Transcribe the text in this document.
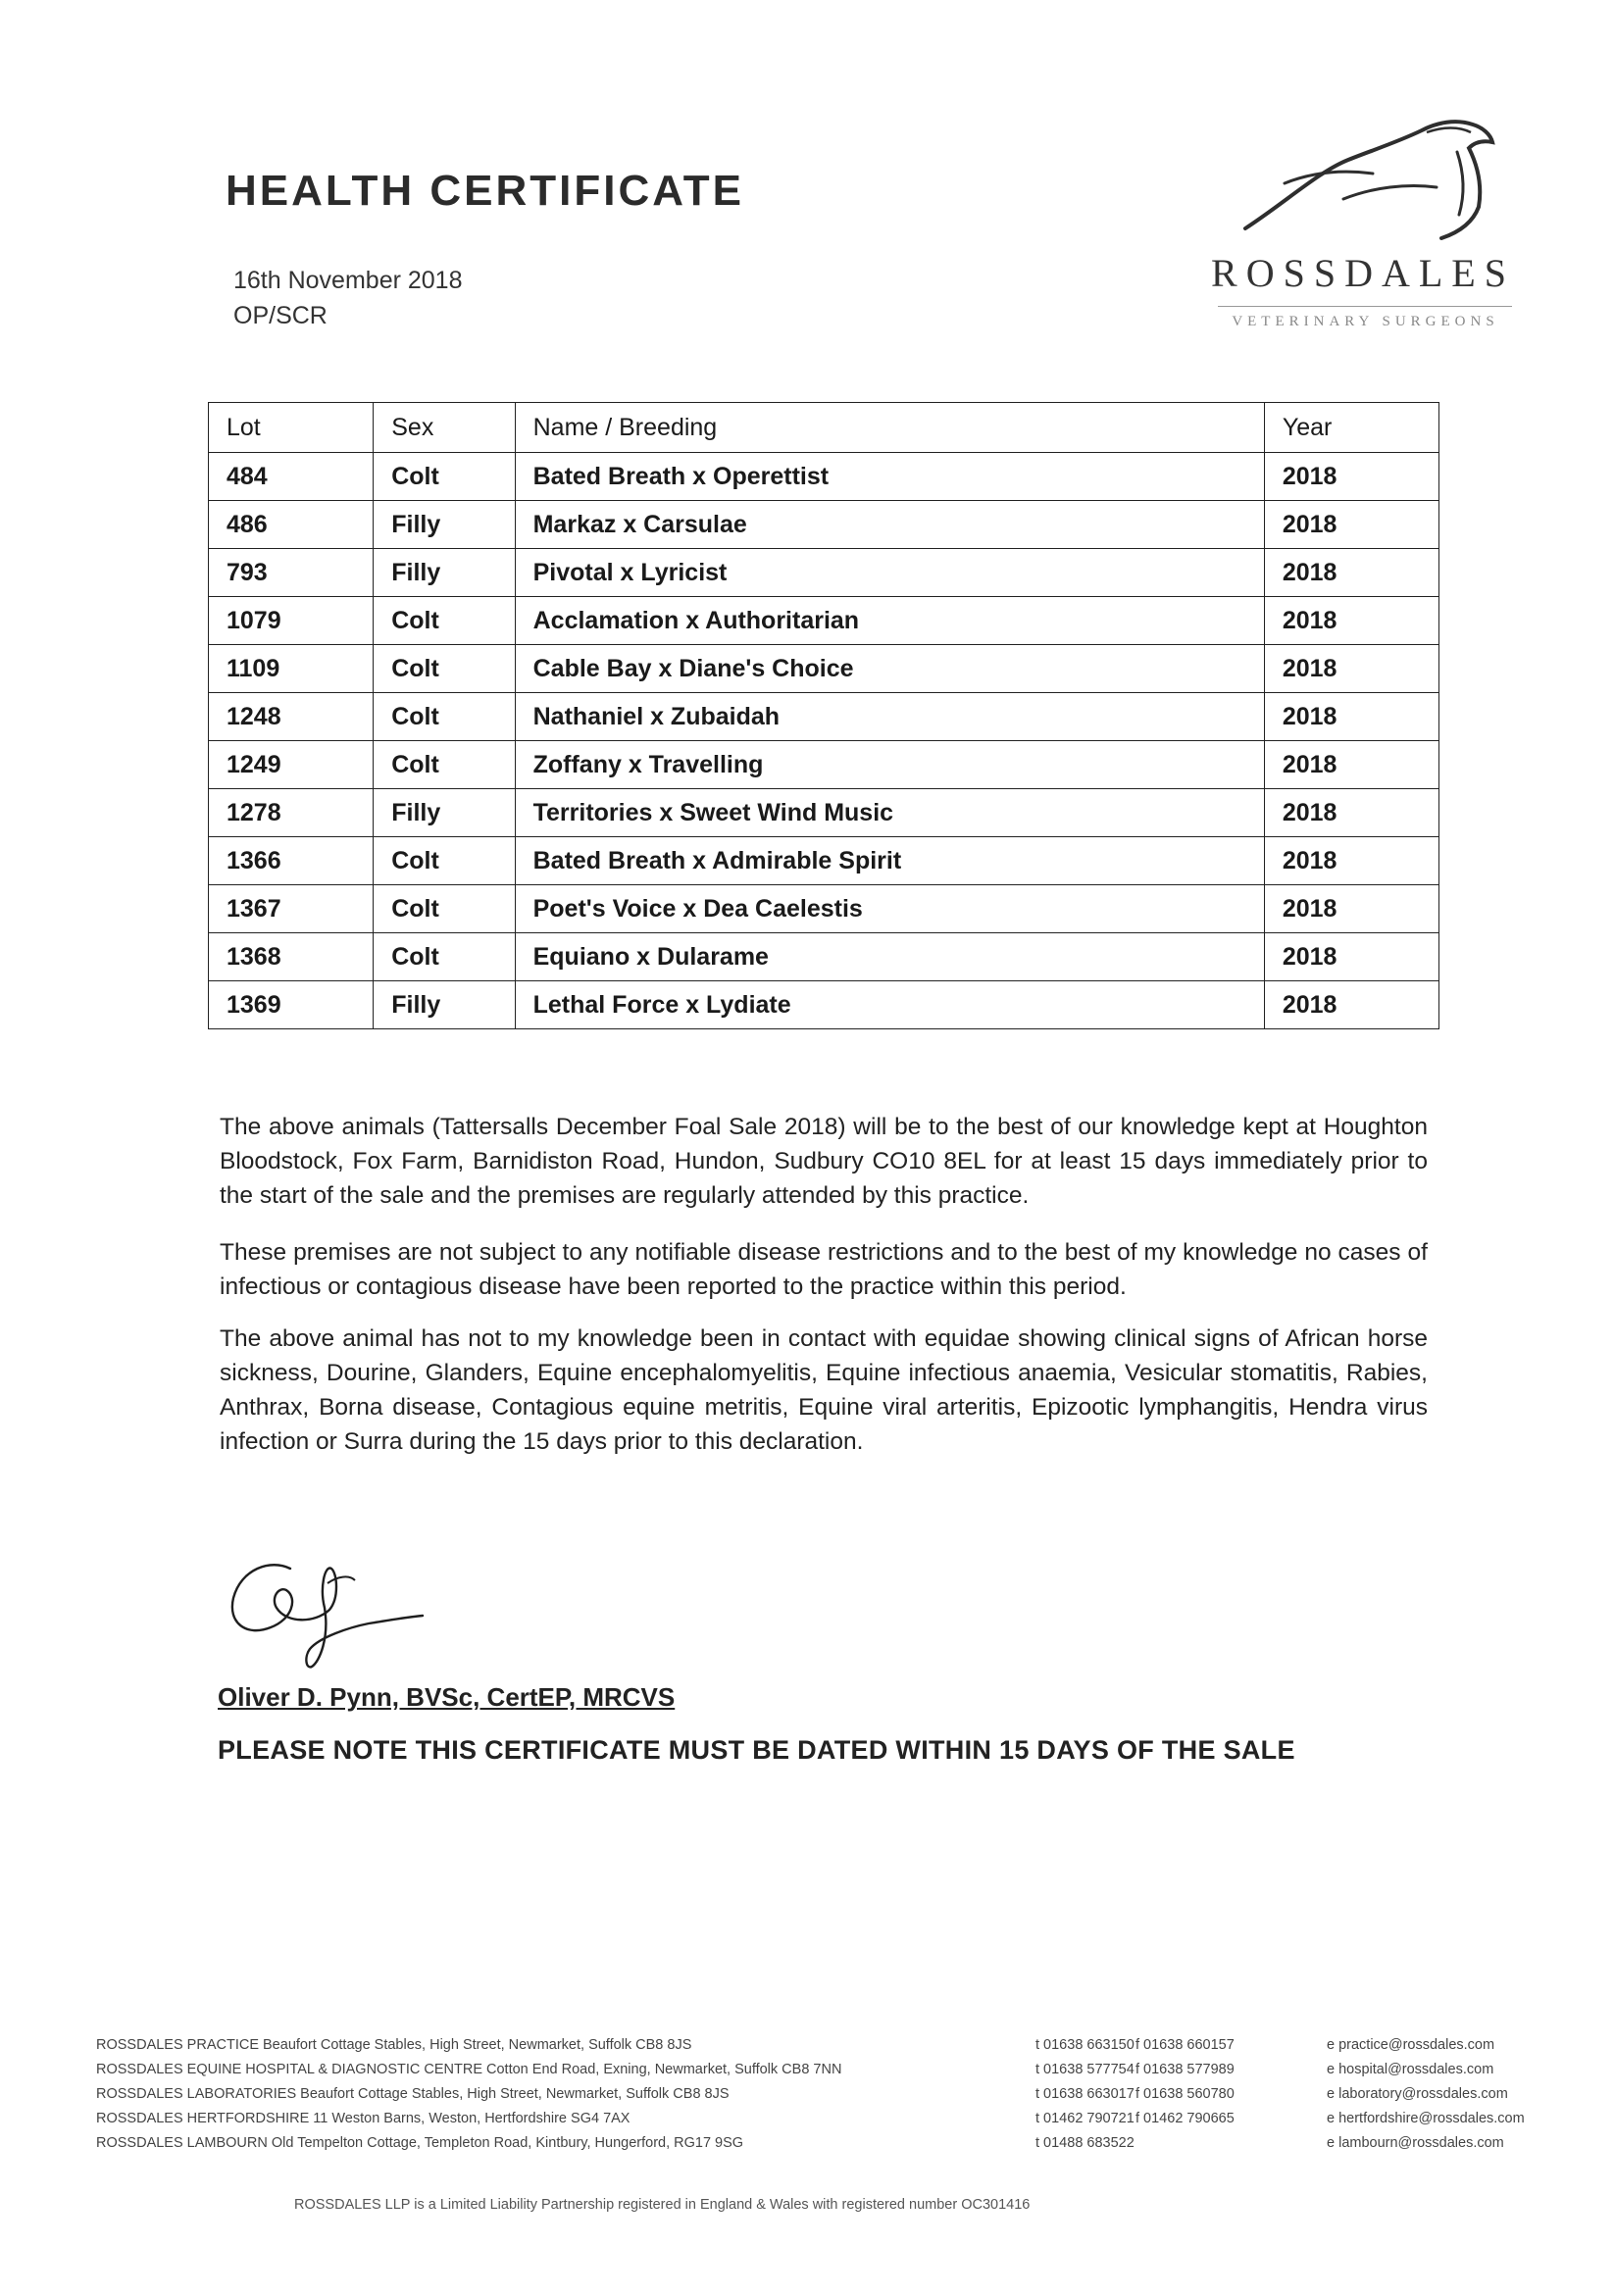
HEALTH CERTIFICATE
16th November 2018
OP/SCR
ROSSDALES
VETERINARY SURGEONS
Lot	Sex	Name / Breeding	Year
484	Colt	Bated Breath x Operettist	2018
486	Filly	Markaz x Carsulae	2018
793	Filly	Pivotal x Lyricist	2018
1079	Colt	Acclamation x Authoritarian	2018
1109	Colt	Cable Bay x Diane's Choice	2018
1248	Colt	Nathaniel x Zubaidah	2018
1249	Colt	Zoffany x Travelling	2018
1278	Filly	Territories x Sweet Wind Music	2018
1366	Colt	Bated Breath x Admirable Spirit	2018
1367	Colt	Poet's Voice x Dea Caelestis	2018
1368	Colt	Equiano x Dularame	2018
1369	Filly	Lethal Force x Lydiate	2018
The above animals (Tattersalls December Foal Sale 2018) will be to the best of our knowledge kept at Houghton Bloodstock, Fox Farm, Barnidiston Road, Hundon, Sudbury CO10 8EL for at least 15 days immediately prior to the start of the sale and the premises are regularly attended by this practice.
These premises are not subject to any notifiable disease restrictions and to the best of my knowledge no cases of infectious or contagious disease have been reported to the practice within this period.
The above animal has not to my knowledge been in contact with equidae showing clinical signs of African horse sickness, Dourine, Glanders, Equine encephalomyelitis, Equine infectious anaemia, Vesicular stomatitis, Rabies, Anthrax, Borna disease, Contagious equine metritis, Equine viral arteritis, Epizootic lymphangitis, Hendra virus infection or Surra during the 15 days prior to this declaration.
Oliver D. Pynn, BVSc, CertEP, MRCVS
PLEASE NOTE THIS CERTIFICATE MUST BE DATED WITHIN 15 DAYS OF THE SALE
ROSSDALES PRACTICE Beaufort Cottage Stables, High Street, Newmarket, Suffolk CB8 8JS	t 01638 663150 f 01638 660157	e practice@rossdales.com
ROSSDALES EQUINE HOSPITAL & DIAGNOSTIC CENTRE Cotton End Road, Exning, Newmarket, Suffolk CB8 7NN	t 01638 577754 f 01638 577989	e hospital@rossdales.com
ROSSDALES LABORATORIES Beaufort Cottage Stables, High Street, Newmarket, Suffolk CB8 8JS	t 01638 663017 f 01638 560780	e laboratory@rossdales.com
ROSSDALES HERTFORDSHIRE 11 Weston Barns, Weston, Hertfordshire SG4 7AX	t 01462 790721 f 01462 790665	e hertfordshire@rossdales.com
ROSSDALES LAMBOURN Old Tempelton Cottage, Templeton Road, Kintbury, Hungerford, RG17 9SG	t 01488 683522	e lambourn@rossdales.com
ROSSDALES LLP is a Limited Liability Partnership registered in England & Wales with registered number OC301416
